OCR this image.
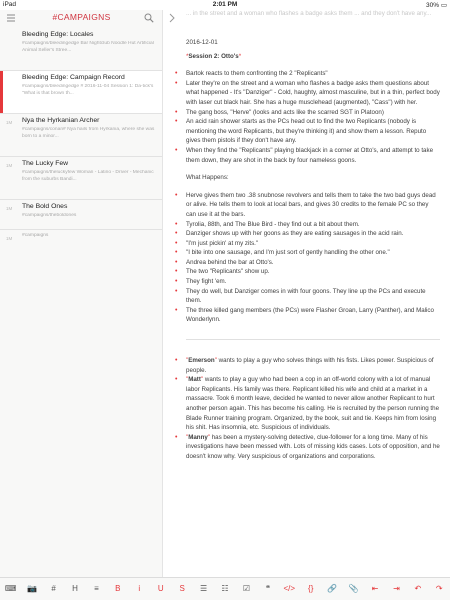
iPad	2:01 PM	30% ▭
#CAMPAIGNS
Bleeding Edge: Locales
#campaigns/bleedingedge Bar Nightclub Noodle Hut Artificial Animal Seller's Stree...
Bleeding Edge: Campaign Record
#campaigns/bleedingedge # 2016-11-04 Session 1: Da-tick's "What is that brown th...
1M Nya the Hyrkanian Archer
#campaigns/conan# Nya hails from Hyrkania, where she was born to a minor...
1M The Lucky Few
#campaigns/theluckyfew Woman - Latino - Driver - Mechanic from the suburbs Bandi...
1M The Bold Ones
#campaigns/theboldones
1M
#campaigns
... in the street and a woman who flashes a badge asks them ... and they don't have any...
2016-12-01
*Session 2: Otto's*
• Bartok reacts to them confronting the 2 "Replicants"
• Later they're on the street and a woman who flashes a badge asks them questions about what happened - It's "Danziger" - Cold, haughty, almost masculine, but in a thin, perfect body with laser cut black hair. She has a huge musclehead (augmented), "Cass") with her.
• The gang boss, "Herve" (looks and acts like the scarred SGT in Platoon)
• An acid rain shower starts as the PCs head out to find the two Replicants (nobody is mentioning the word Replicants, but they're thinking it) and show them a lesson. Reputo gives them pistols if they don't have any.
• When they find the "Replicants" playing blackjack in a corner at Otto's, and attempt to take them down, they are shot in the back by four nameless goons.
What Happens:
• Herve gives them two .38 snubnose revolvers and tells them to take the two bad guys dead or alive. He tells them to look at local bars, and gives 30 credits to the female PC so they can use it at the bars.
• Tyrolia, 88th, and The Blue Bird - they find out a bit about them.
• Danziger shows up with her goons as they are eating sausages in the acid rain.
• "I'm just pickin' at my zits."
• "I bite into one sausage, and I'm just sort of gently handling the other one."
• Andrea behind the bar at Otto's.
• The two "Replicants" show up.
• They fight 'em.
• They do well, but Danziger comes in with four goons. They line up the PCs and execute them.
• The three killed gang members (the PCs) were Flasher Groan, Larry (Panther), and Malico Wonderlynn.
• "Emerson" wants to play a guy who solves things with his fists. Likes power. Suspicious of people.
• "Matt" wants to play a guy who had been a cop in an off-world colony with a lot of manual labor Replicants. His family was there. Replicant killed his wife and child at a market in a massacre. Took 6 month leave, decided he wanted to never allow another Replicant to hurt another person again. This has become his calling. He is recruited by the person running the Blade Runner training program. Organized, by the book, suit and tie. Keeps him from losing his shit. Has insomnia, etc. Suspicious of individuals.
• "Manny" has been a mystery-solving detective, clue-follower for a long time. Many of his investigations have been messed with. Lots of missing kids cases. Lots of opposition, and he doesn't know why. Very suspicious of organizations and corporations.
⌨ 📷	#	H	≡	B	i	U	S	☰	☷	☑	❝	</>	{}	🔗 📎	⇤	⇥	↶	↷
